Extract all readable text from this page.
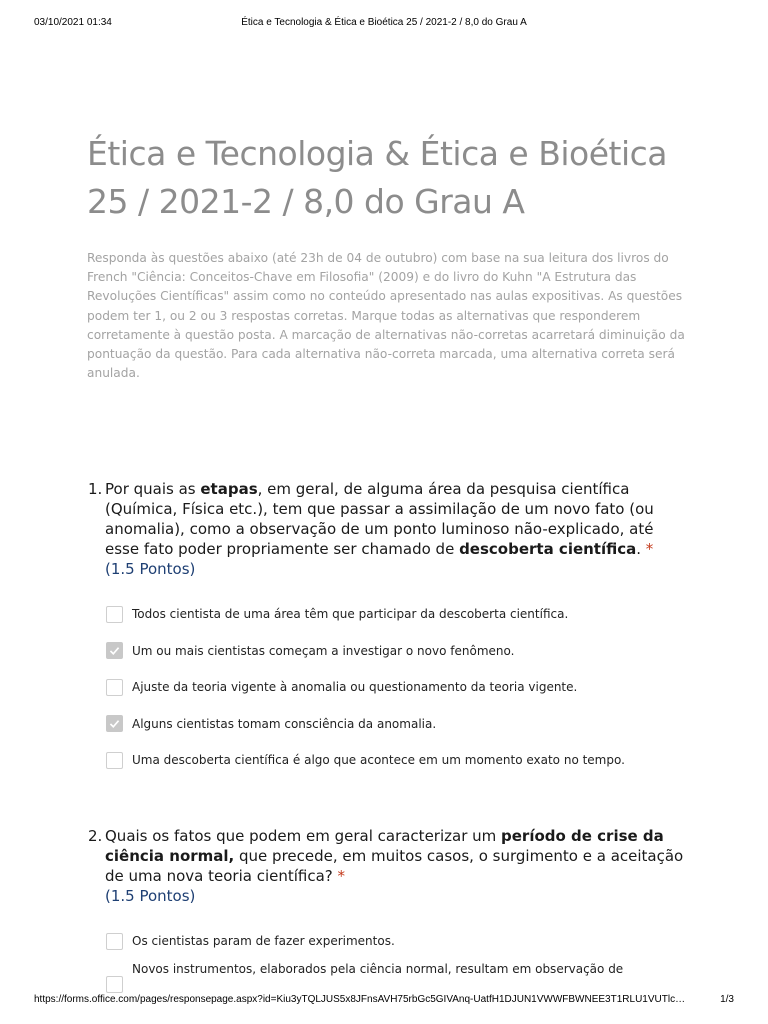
03/10/2021 01:34	Ética e Tecnologia & Ética e Bioética 25 / 2021-2 / 8,0 do Grau A
Ética e Tecnologia & Ética e Bioética 25 / 2021-2 / 8,0 do Grau A

Responda às questões abaixo (até 23h de 04 de outubro) com base na sua leitura dos livros do French "Ciência: Conceitos-Chave em Filosofia" (2009) e do livro do Kuhn "A Estrutura das Revoluções Científicas" assim como no conteúdo apresentado nas aulas expositivas. As questões podem ter 1, ou 2 ou 3 respostas corretas. Marque todas as alternativas que responderem corretamente à questão posta. A marcação de alternativas não-corretas acarretará diminuição da pontuação da questão. Para cada alternativa não-correta marcada, uma alternativa correta será anulada.

1. Por quais as etapas, em geral, de alguma área da pesquisa científica (Química, Física etc.), tem que passar a assimilação de um novo fato (ou anomalia), como a observação de um ponto luminoso não-explicado, até esse fato poder propriamente ser chamado de descoberta científica. *
(1.5 Pontos)
Todos cientista de uma área têm que participar da descoberta científica.
Um ou mais cientistas começam a investigar o novo fenômeno.
Ajuste da teoria vigente à anomalia ou questionamento da teoria vigente.
Alguns cientistas tomam consciência da anomalia.
Uma descoberta científica é algo que acontece em um momento exato no tempo.
2. Quais os fatos que podem em geral caracterizar um período de crise da ciência normal, que precede, em muitos casos, o surgimento e a aceitação de uma nova teoria científica? *
(1.5 Pontos)
Os cientistas param de fazer experimentos.
Novos instrumentos, elaborados pela ciência normal, resultam em observação de
https://forms.office.com/pages/responsepage.aspx?id=Kiu3yTQLJUS5x8JFnsAVH75rbGc5GIVAnq-UatfH1DJUN1VWWFBWNEE3T1RLU1VUTlc…	1/3
